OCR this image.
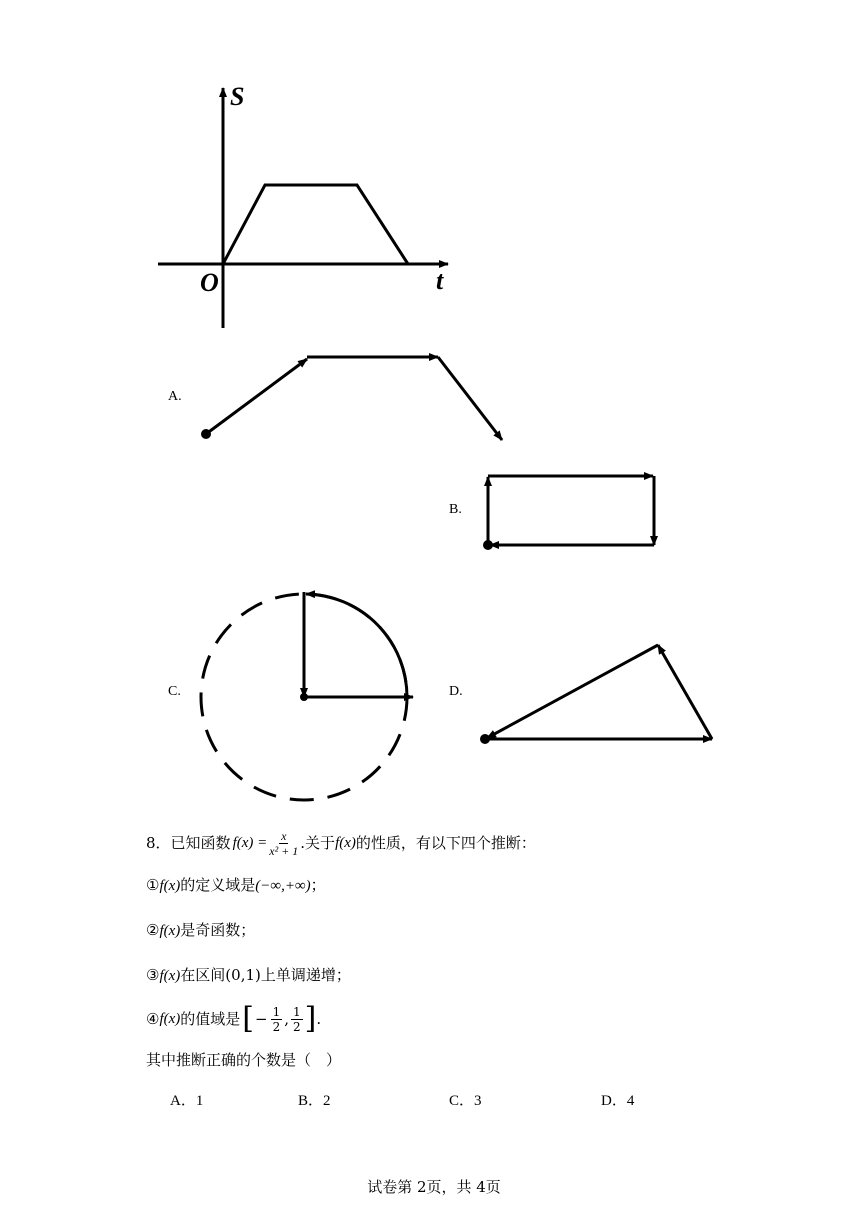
S
t
O
A.
B.
C.	D.
8． 已知函数 $f(x) = \frac{x}{\text{x² + 1}}$ .关于 f(x) 的性质，有以下四个推断：
①f(x)的定义域是(−∞,+∞)；
②f(x)是奇函数；
③f(x)在区间(0,1)上单调递增；
④ f(x) 的值域是 [ − $\frac{1}{2}$ , $\frac{1}{2}$ ] .
其中推断正确的个数是（　）
A．1	B．2	C．3	D．4
试卷第 2页，共 4页
